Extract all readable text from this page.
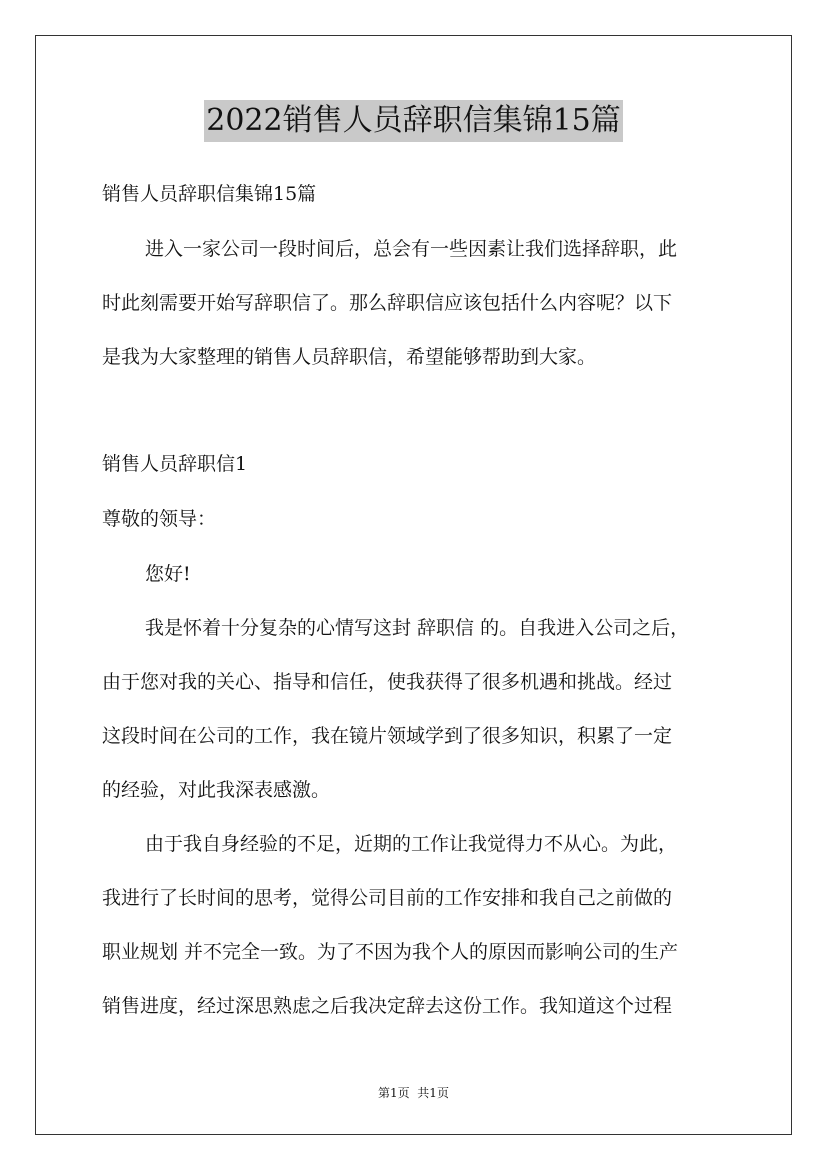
2022销售人员辞职信集锦15篇
销售人员辞职信集锦15篇
进入一家公司一段时间后，总会有一些因素让我们选择辞职，此
时此刻需要开始写辞职信了。那么辞职信应该包括什么内容呢？以下
是我为大家整理的销售人员辞职信，希望能够帮助到大家。
销售人员辞职信1
尊敬的领导：
您好!
我是怀着十分复杂的心情写这封 辞职信 的。自我进入公司之后，
由于您对我的关心、指导和信任，使我获得了很多机遇和挑战。经过
这段时间在公司的工作，我在镜片领域学到了很多知识，积累了一定
的经验，对此我深表感激。
由于我自身经验的不足，近期的工作让我觉得力不从心。为此，
我进行了长时间的思考，觉得公司目前的工作安排和我自己之前做的
职业规划 并不完全一致。为了不因为我个人的原因而影响公司的生产
销售进度，经过深思熟虑之后我决定辞去这份工作。我知道这个过程
第1页  共1页
